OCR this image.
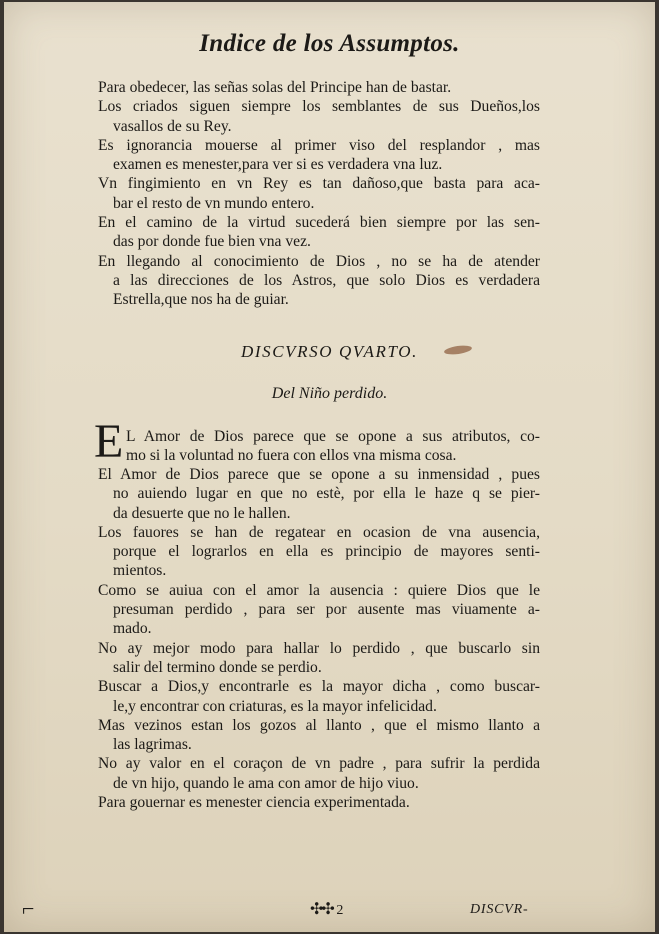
Indice de los Assumptos.
Para obedecer, las señas solas del Principe han de bastar.
Los criados siguen siempre los semblantes de sus Dueños,los
vasallos de su Rey.
Es ignorancia mouerse al primer viso del resplandor , mas
examen es menester,para ver si es verdadera vna luz.
Vn fingimiento en vn Rey es tan dañoso,que basta para aca-
bar el resto de vn mundo entero.
En el camino de la virtud sucederá bien siempre por las sen-
das por donde fue bien vna vez.
En llegando al conocimiento de Dios , no se ha de atender
a las direcciones de los Astros, que solo Dios es verdadera
Estrella,que nos ha de guiar.
DISCVRSO QVARTO.
Del Niño perdido.
E L Amor de Dios parece que se opone a sus atributos, co-
mo si la voluntad no fuera con ellos vna misma cosa.
El Amor de Dios parece que se opone a su inmensidad , pues
no auiendo lugar en que no estè, por ella le haze q se pier-
da desuerte que no le hallen.
Los fauores se han de regatear en ocasion de vna ausencia,
porque el lograrlos en ella es principio de mayores senti-
mientos.
Como se auiua con el amor la ausencia : quiere Dios que le
presuman perdido , para ser por ausente mas viuamente a-
mado.
No ay mejor modo para hallar lo perdido , que buscarlo sin
salir del termino donde se perdio.
Buscar a Dios,y encontrarle es la mayor dicha , como buscar-
le,y encontrar con criaturas, es la mayor infelicidad.
Mas vezinos estan los gozos al llanto , que el mismo llanto a
las lagrimas.
No ay valor en el coraçon de vn padre , para sufrir la perdida
de vn hijo, quando le ama con amor de hijo viuo.
Para gouernar es menester ciencia experimentada.
⌐	✣✣ 2	DISCVR-
